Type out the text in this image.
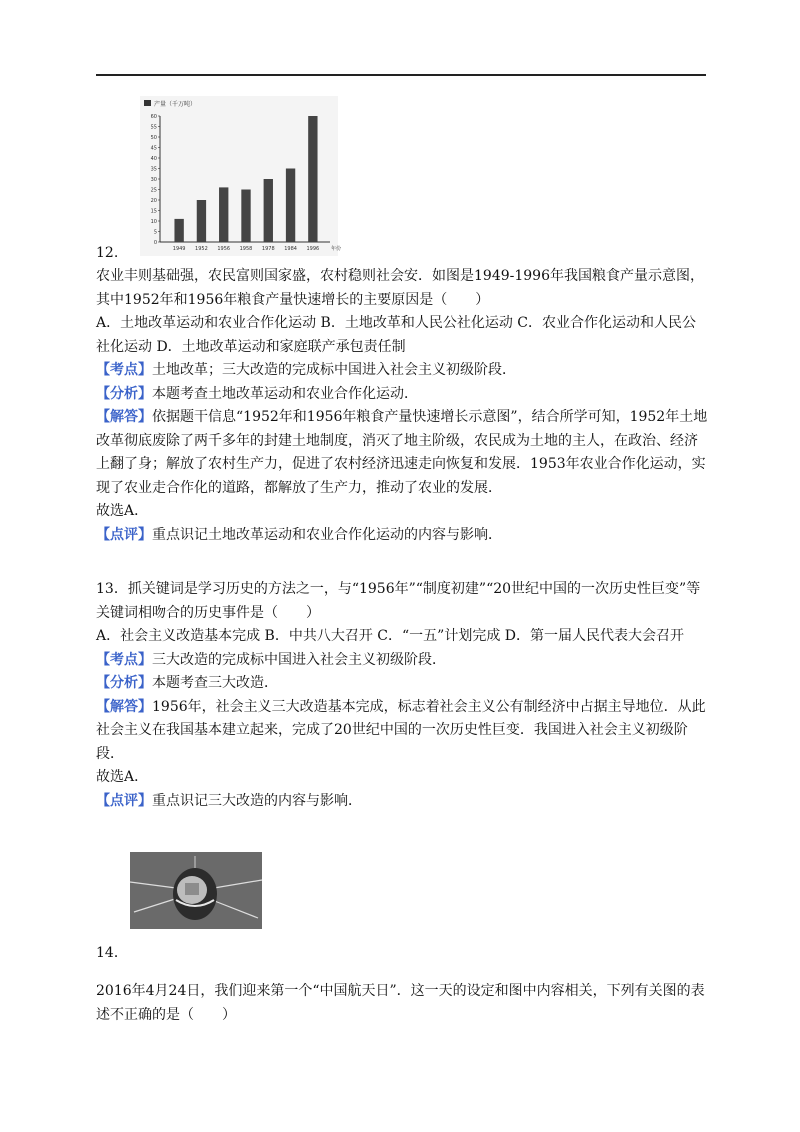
产量（千万吨）
0
5
10
15
20
25
30
35
40
45
50
55
60
1949 1952 1956 1958 1978 1984 1996 年份
12.

农业丰则基础强，农民富则国家盛，农村稳则社会安．如图是1949-1996年我国粮食产量示意图，其中1952年和1956年粮食产量快速增长的主要原因是（　　）

A．土地改革运动和农业合作化运动 B．土地改革和人民公社化运动 C．农业合作化运动和人民公社化运动 D．土地改革运动和家庭联产承包责任制

【考点】土地改革；三大改造的完成标中国进入社会主义初级阶段．

【分析】本题考查土地改革运动和农业合作化运动．

【解答】依据题干信息“1952年和1956年粮食产量快速增长示意图”，结合所学可知，1952年土地改革彻底废除了两千多年的封建土地制度，消灭了地主阶级，农民成为土地的主人，在政治、经济上翻了身；解放了农村生产力，促进了农村经济迅速走向恢复和发展．1953年农业合作化运动，实现了农业走合作化的道路，都解放了生产力，推动了农业的发展．

故选A．

【点评】重点识记土地改革运动和农业合作化运动的内容与影响．

13．抓关键词是学习历史的方法之一，与“1956年”“制度初建”“20世纪中国的一次历史性巨变”等关键词相吻合的历史事件是（　　）

A．社会主义改造基本完成 B．中共八大召开 C．“一五”计划完成 D．第一届人民代表大会召开

【考点】三大改造的完成标中国进入社会主义初级阶段．

【分析】本题考查三大改造．

【解答】1956年，社会主义三大改造基本完成，标志着社会主义公有制经济中占据主导地位．从此社会主义在我国基本建立起来，完成了20世纪中国的一次历史性巨变．我国进入社会主义初级阶段．

故选A．

【点评】重点识记三大改造的内容与影响．

14．

2016年4月24日，我们迎来第一个“中国航天日”．这一天的设定和图中内容相关，下列有关图的表述不正确的是（　　）
